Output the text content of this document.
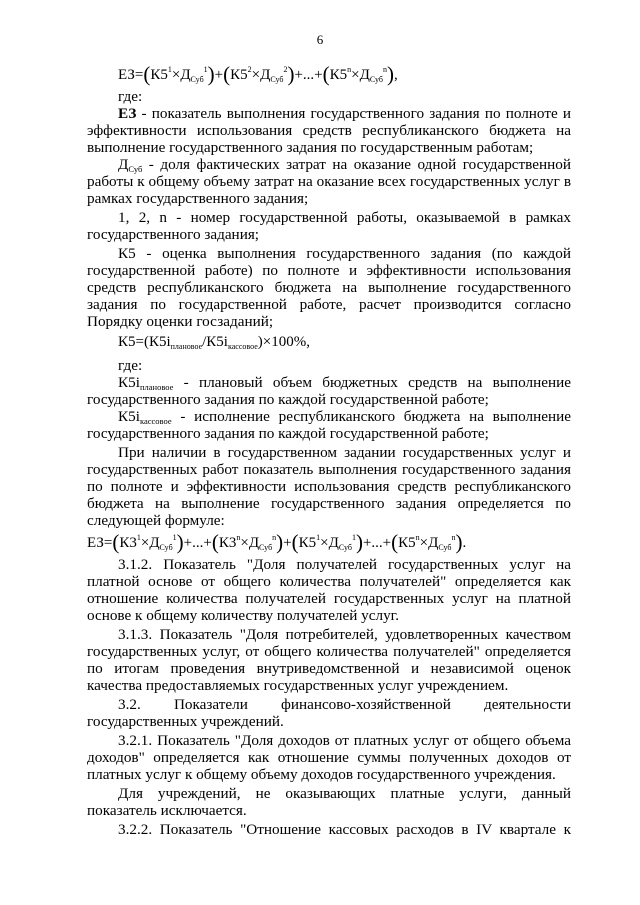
6
$ЕЗ=(К5^1\times Д_{Суб}^1)+(К5^2\times Д_{Суб}^2)+...+(К5^n\times Д_{Суб}^n)$,
где:
ЕЗ - показатель выполнения государственного задания по полноте и
эффективности использования средств республиканского бюджета на
выполнение государственного задания по государственным работам;
ДСуб - доля фактических затрат на оказание одной государственной
работы к общему объему затрат на оказание всех государственных услуг в
рамках государственного задания;
1, 2, n - номер государственной работы, оказываемой в рамках
государственного задания;
К5 - оценка выполнения государственного задания (по каждой
государственной работе) по полноте и эффективности использования
средств республиканского бюджета на выполнение государственного
задания по государственной работе, расчет производится согласно
Порядку оценки госзаданий;
$К5=(К5i_{плановое}/К5i_{кассовое})\times 100\%$,
где:
К5iплановое - плановый объем бюджетных средств на выполнение
государственного задания по каждой государственной работе;
К5iкассовое - исполнение республиканского бюджета на выполнение
государственного задания по каждой государственной работе;
При наличии в государственном задании государственных услуг и
государственных работ показатель выполнения государственного задания
по полноте и эффективности использования средств республиканского
бюджета на выполнение государственного задания определяется по
следующей формуле:
$ЕЗ=(К3^1\times Д_{Суб}^1)+...+(К3^n\times Д_{Суб}^n)+(К5^1\times Д_{Суб}^1)+...+(К5^n\times Д_{Суб}^n)$.
3.1.2. Показатель "Доля получателей государственных услуг на
платной основе от общего количества получателей" определяется как
отношение количества получателей государственных услуг на платной
основе к общему количеству получателей услуг.
3.1.3. Показатель "Доля потребителей, удовлетворенных качеством
государственных услуг, от общего количества получателей" определяется
по итогам проведения внутриведомственной и независимой оценок
качества предоставляемых государственных услуг учреждением.
3.2. Показатели финансово-хозяйственной деятельности
государственных учреждений.
3.2.1. Показатель "Доля доходов от платных услуг от общего объема
доходов" определяется как отношение суммы полученных доходов от
платных услуг к общему объему доходов государственного учреждения.
Для учреждений, не оказывающих платные услуги, данный
показатель исключается.
3.2.2. Показатель "Отношение кассовых расходов в IV квартале к
